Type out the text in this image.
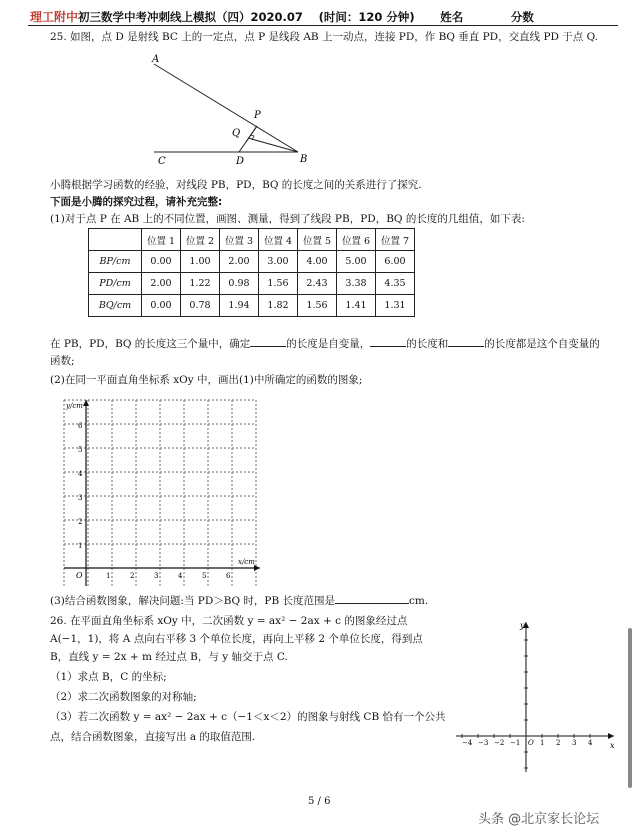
理工附中初三数学中考冲刺线上模拟（四）2020.07 (时间：120 分钟) 姓名	分数
25. 如图，点 D 是射线 BC 上的一定点，点 P 是线段 AB 上一动点，连接 PD，作 BQ 垂直 PD，交直线 PD 于点 Q.
A
P
Q
C	D	B
小腾根据学习函数的经验，对线段 PB，PD，BQ 的长度之间的关系进行了探究.
下面是小腾的探究过程，请补充完整:
(1)对于点 P 在 AB 上的不同位置，画图、测量，得到了线段 PB，PD，BQ 的长度的几组值，如下表:
	位置 1	位置 2	位置 3	位置 4	位置 5	位置 6	位置 7
BP/cm	0.00	1.00	2.00	3.00	4.00	5.00	6.00
PD/cm	2.00	1.22	0.98	1.56	2.43	3.38	4.35
BQ/cm	0.00	0.78	1.94	1.82	1.56	1.41	1.31
在 PB，PD，BQ 的长度这三个量中，确定	的长度是自变量，	的长度和	的长度都是这个自变量的
函数;
(2)在同一平面直角坐标系 xOy 中，画出(1)中所确定的函数的图象;
y/cm
x/cm
O
6
5
4
3
2
1
1	2	3	4	5	6
(3)结合函数图象，解决问题:当 PD＞BQ 时，PB 长度范围是	cm.
26. 在平面直角坐标系 xOy 中，二次函数 y = ax² − 2ax + c 的图象经过点
A(−1，1)，将 A 点向右平移 3 个单位长度，再向上平移 2 个单位长度，得到点
B，直线 y = 2x + m 经过点 B，与 y 轴交于点 C.
（1）求点 B，C 的坐标;
（2）求二次函数图象的对称轴;
（3）若二次函数 y = ax² − 2ax + c（−1＜x＜2）的图象与射线 CB 恰有一个公共
点，结合函数图象，直接写出 a 的取值范围.
y
x
O
−4 −3 −2 −1	1 2 3 4
5 / 6
头条 @北京家长论坛
